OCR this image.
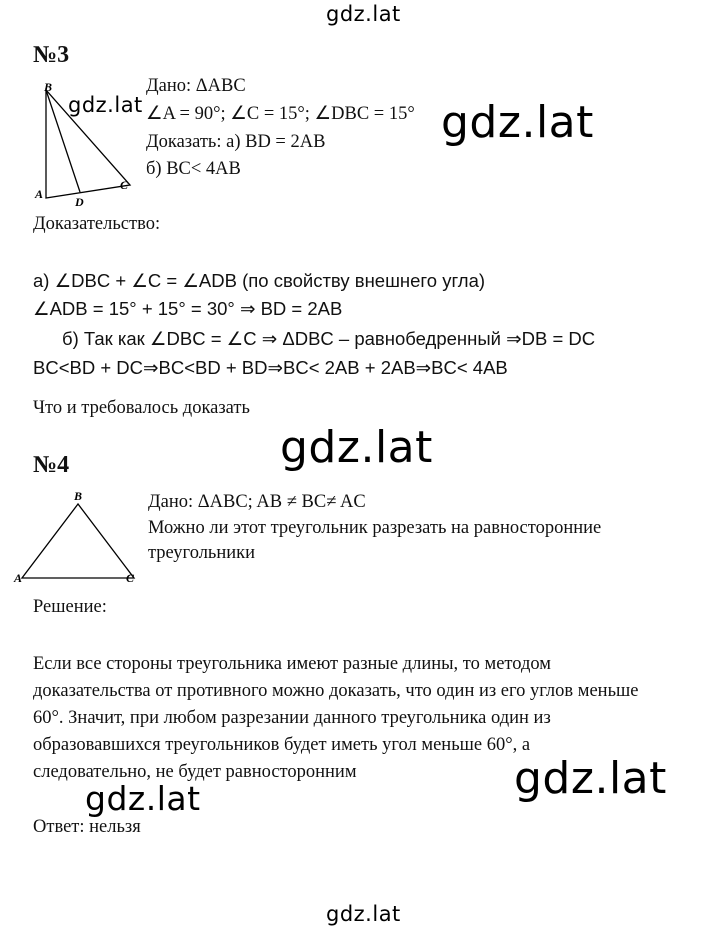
gdz.lat
gdz.lat	gdz.lat
gdz.lat
gdz.lat
gdz.lat
gdz.lat
№3
B
A
D
C
Дано: ΔABC
∠A = 90°; ∠C = 15°; ∠DBC = 15°
Доказать: а) BD = 2AB
б) BC< 4AB
Доказательство:
а) ∠DBC + ∠C = ∠ADB (по свойству внешнего угла)
∠ADB = 15° + 15° = 30° ⇒ BD = 2AB
б) Так как ∠DBC = ∠C ⇒ ΔDBC – равнобедренный ⇒DB = DC
BC<BD + DC⇒BC<BD + BD⇒BC< 2AB + 2AB⇒BC< 4AB
Что и требовалось доказать
№4
B
A	C
Дано: ΔABC; AB ≠ BC≠ AC
Можно ли этот треугольник разрезать на равносторонние
треугольники
Решение:
Если все стороны треугольника имеют разные длины, то методом
доказательства от противного можно доказать, что один из его углов меньше
60°. Значит, при любом разрезании данного треугольника один из
образовавшихся треугольников будет иметь угол меньше 60°, а
следовательно, не будет равносторонним
Ответ: нельзя
